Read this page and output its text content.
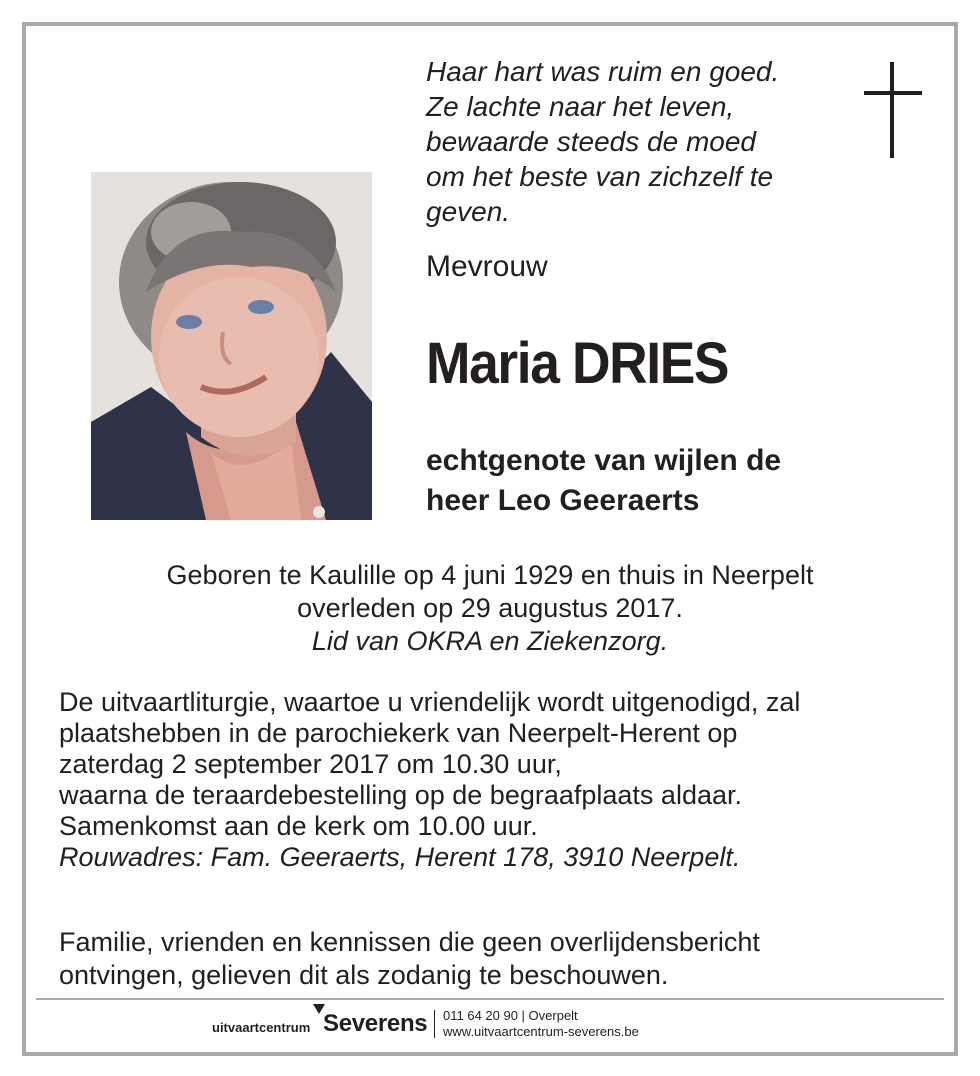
Haar hart was ruim en goed.
Ze lachte naar het leven,
bewaarde steeds de moed
om het beste van zichzelf te
geven.
Mevrouw
Maria DRIES
echtgenote van wijlen de
heer Leo Geeraerts
Geboren te Kaulille op 4 juni 1929 en thuis in Neerpelt
overleden op 29 augustus 2017.
Lid van OKRA en Ziekenzorg.
De uitvaartliturgie, waartoe u vriendelijk wordt uitgenodigd, zal
plaatshebben in de parochiekerk van Neerpelt-Herent op
zaterdag 2 september 2017 om 10.30 uur,
waarna de teraardebestelling op de begraafplaats aldaar.
Samenkomst aan de kerk om 10.00 uur.
Rouwadres: Fam. Geeraerts, Herent 178, 3910 Neerpelt.
Familie, vrienden en kennissen die geen overlijdensbericht
ontvingen, gelieven dit als zodanig te beschouwen.
uitvaartcentrum Severens 011 64 20 90 | Overpelt
www.uitvaartcentrum-severens.be
